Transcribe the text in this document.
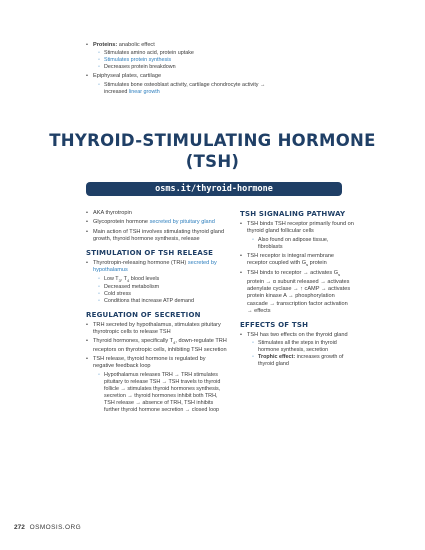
• Proteins: anabolic effect
◦ Stimulates amino acid, protein uptake
◦ Stimulates protein synthesis
◦ Decreases protein breakdown
• Epiphyseal plates, cartilage
◦ Stimulates bone osteoblast activity, cartilage chondrocyte activity → increased linear growth
THYROID-STIMULATING HORMONE
(TSH)
osms.it/thyroid-hormone
• AKA thyrotropin
• Glycoprotein hormone secreted by pituitary gland
• Main action of TSH involves stimulating thyroid gland growth, thyroid hormone synthesis, release
STIMULATION OF TSH RELEASE
• Thyrotropin-releasing hormone (TRH) secreted by hypothalamus
◦ Low $T_3$, $T_4$ blood levels
◦ Decreased metabolism
◦ Cold stress
◦ Conditions that increase ATP demand
REGULATION OF SECRETION
• TRH secreted by hypothalamus, stimulates pituitary thyrotropic cells to release TSH
• Thyroid hormones, specifically $T_4$, down-regulate TRH receptors on thyrotropic cells, inhibiting TSH secretion
• TSH release, thyroid hormone is regulated by negative feedback loop
◦ Hypothalamus releases TRH → TRH stimulates pituitary to release TSH → TSH travels to thyroid follicle → stimulates thyroid hormones synthesis, secretion → thyroid hormones inhibit both TRH, TSH release → absence of TRH, TSH inhibits further thyroid hormone secretion → closed loop
TSH SIGNALING PATHWAY
• TSH binds TSH receptor primarily found on thyroid gland follicular cells
◦ Also found on adipose tissue, fibroblasts
• TSH receptor is integral membrane receptor coupled with $G_s$ protein
• TSH binds to receptor → activates $G_s$ protein → α subunit released → activates adenylate cyclase → ↑ cAMP → activates protein kinase A → phosphorylation cascade → transcription factor activation → effects
EFFECTS OF TSH
• TSH has two effects on the thyroid gland
◦ Stimulates all the steps in thyroid hormone synthesis, secretion
◦ Trophic effect: increases growth of thyroid gland
272 OSMOSIS.ORG
